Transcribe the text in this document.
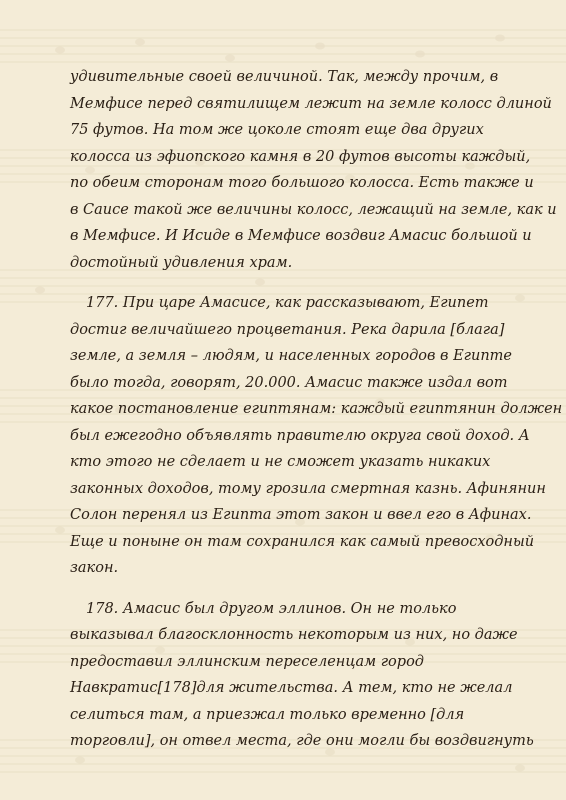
удивительные своей величиной. Так, между прочим, в
Мемфисе перед святилищем лежит на земле колосс длиной
75 футов. На том же цоколе стоят еще два других
колосса из эфиопского камня в 20 футов высоты каждый,
по обеим сторонам того большого колосса. Есть также и
в Саисе такой же величины колосс, лежащий на земле, как и
в Мемфисе. И Исиде в Мемфисе воздвиг Амасис большой и
достойный удивления храм.

177. При царе Амасисе, как рассказывают, Египет
достиг величайшего процветания. Река дарила [блага]
земле, а земля – людям, и населенных городов в Египте
было тогда, говорят, 20.000. Амасис также издал вот
какое постановление египтянам: каждый египтянин должен
был ежегодно объявлять правителю округа свой доход. А
кто этого не сделает и не сможет указать никаких
законных доходов, тому грозила смертная казнь. Афинянин
Солон перенял из Египта этот закон и ввел его в Афинах.
Еще и поныне он там сохранился как самый превосходный
закон.

178. Амасис был другом эллинов. Он не только
выказывал благосклонность некоторым из них, но даже
предоставил эллинским переселенцам город
Навкратис[178]для жительства. А тем, кто не желал
селиться там, а приезжал только временно [для
торговли], он отвел места, где они могли бы воздвигнуть
